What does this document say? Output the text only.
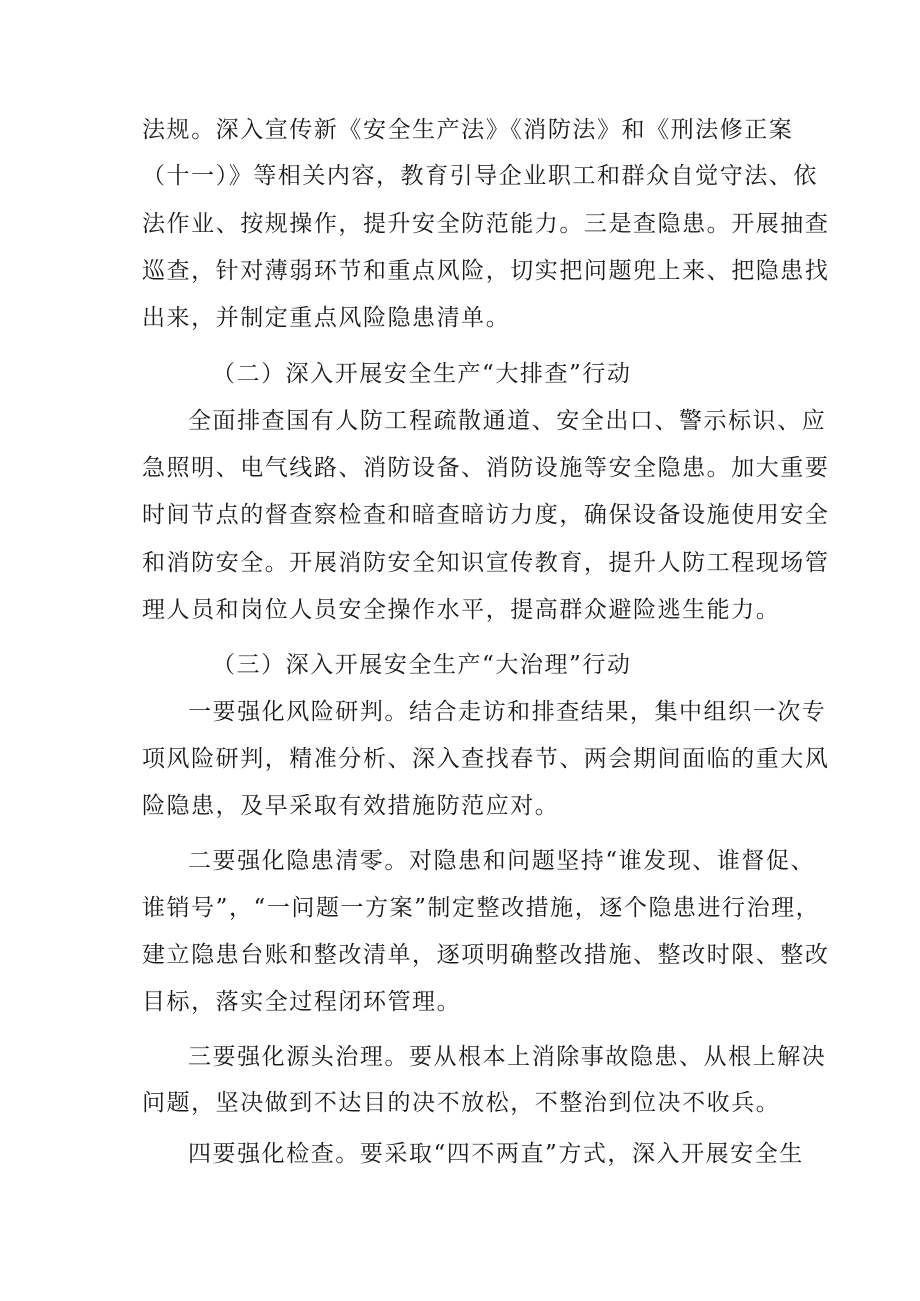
法规。深入宣传新《安全生产法》《消防法》和《刑法修正案
（十一）》等相关内容，教育引导企业职工和群众自觉守法、依
法作业、按规操作，提升安全防范能力。三是查隐患。开展抽查
巡查，针对薄弱环节和重点风险，切实把问题兜上来、把隐患找
出来，并制定重点风险隐患清单。
（二）深入开展安全生产“大排查”行动
全面排查国有人防工程疏散通道、安全出口、警示标识、应
急照明、电气线路、消防设备、消防设施等安全隐患。加大重要
时间节点的督查察检查和暗查暗访力度，确保设备设施使用安全
和消防安全。开展消防安全知识宣传教育，提升人防工程现场管
理人员和岗位人员安全操作水平，提高群众避险逃生能力。
（三）深入开展安全生产“大治理”行动
一要强化风险研判。结合走访和排查结果，集中组织一次专
项风险研判，精准分析、深入查找春节、两会期间面临的重大风
险隐患，及早采取有效措施防范应对。
二要强化隐患清零。对隐患和问题坚持“谁发现、谁督促、
谁销号”，“一问题一方案”制定整改措施，逐个隐患进行治理，
建立隐患台账和整改清单，逐项明确整改措施、整改时限、整改
目标，落实全过程闭环管理。
三要强化源头治理。要从根本上消除事故隐患、从根上解决
问题，坚决做到不达目的决不放松，不整治到位决不收兵。
四要强化检查。要采取“四不两直”方式，深入开展安全生
